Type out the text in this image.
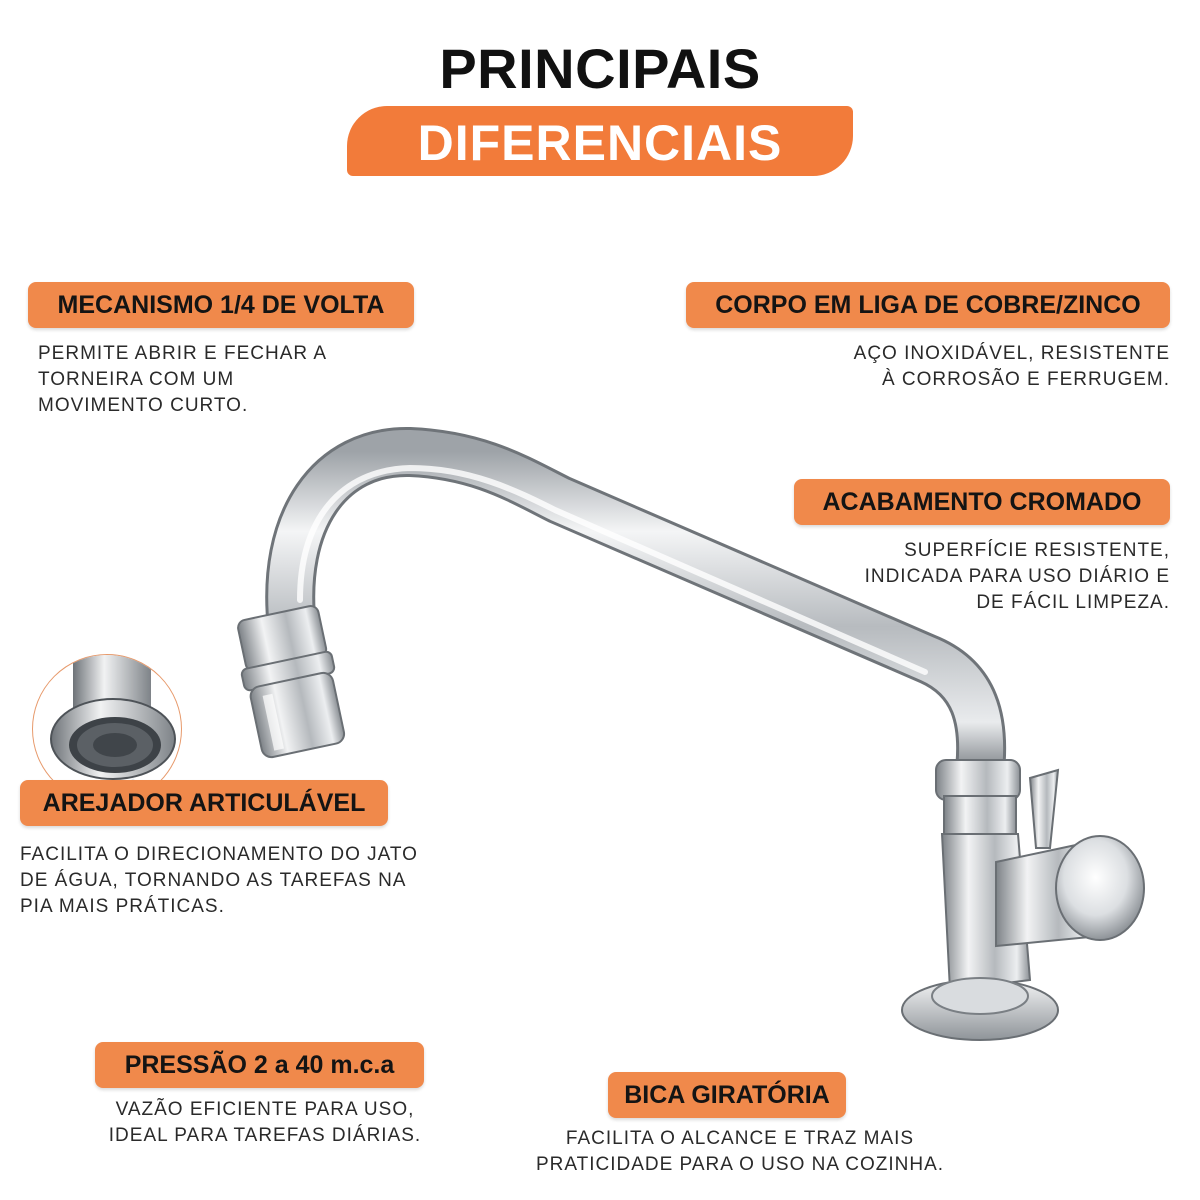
PRINCIPAIS
DIFERENCIAIS
MECANISMO 1/4 DE VOLTA
PERMITE ABRIR E FECHAR A
TORNEIRA COM UM
MOVIMENTO CURTO.
CORPO EM LIGA DE COBRE/ZINCO
AÇO INOXIDÁVEL, RESISTENTE
À CORROSÃO E FERRUGEM.
ACABAMENTO CROMADO
SUPERFÍCIE RESISTENTE,
INDICADA PARA USO DIÁRIO E
DE FÁCIL LIMPEZA.
AREJADOR ARTICULÁVEL
FACILITA O DIRECIONAMENTO DO JATO
DE ÁGUA, TORNANDO AS TAREFAS NA
PIA MAIS PRÁTICAS.
PRESSÃO 2 a 40 m.c.a
VAZÃO EFICIENTE PARA USO,
IDEAL PARA TAREFAS DIÁRIAS.
BICA GIRATÓRIA
FACILITA O ALCANCE E TRAZ MAIS
PRATICIDADE PARA O USO NA COZINHA.
